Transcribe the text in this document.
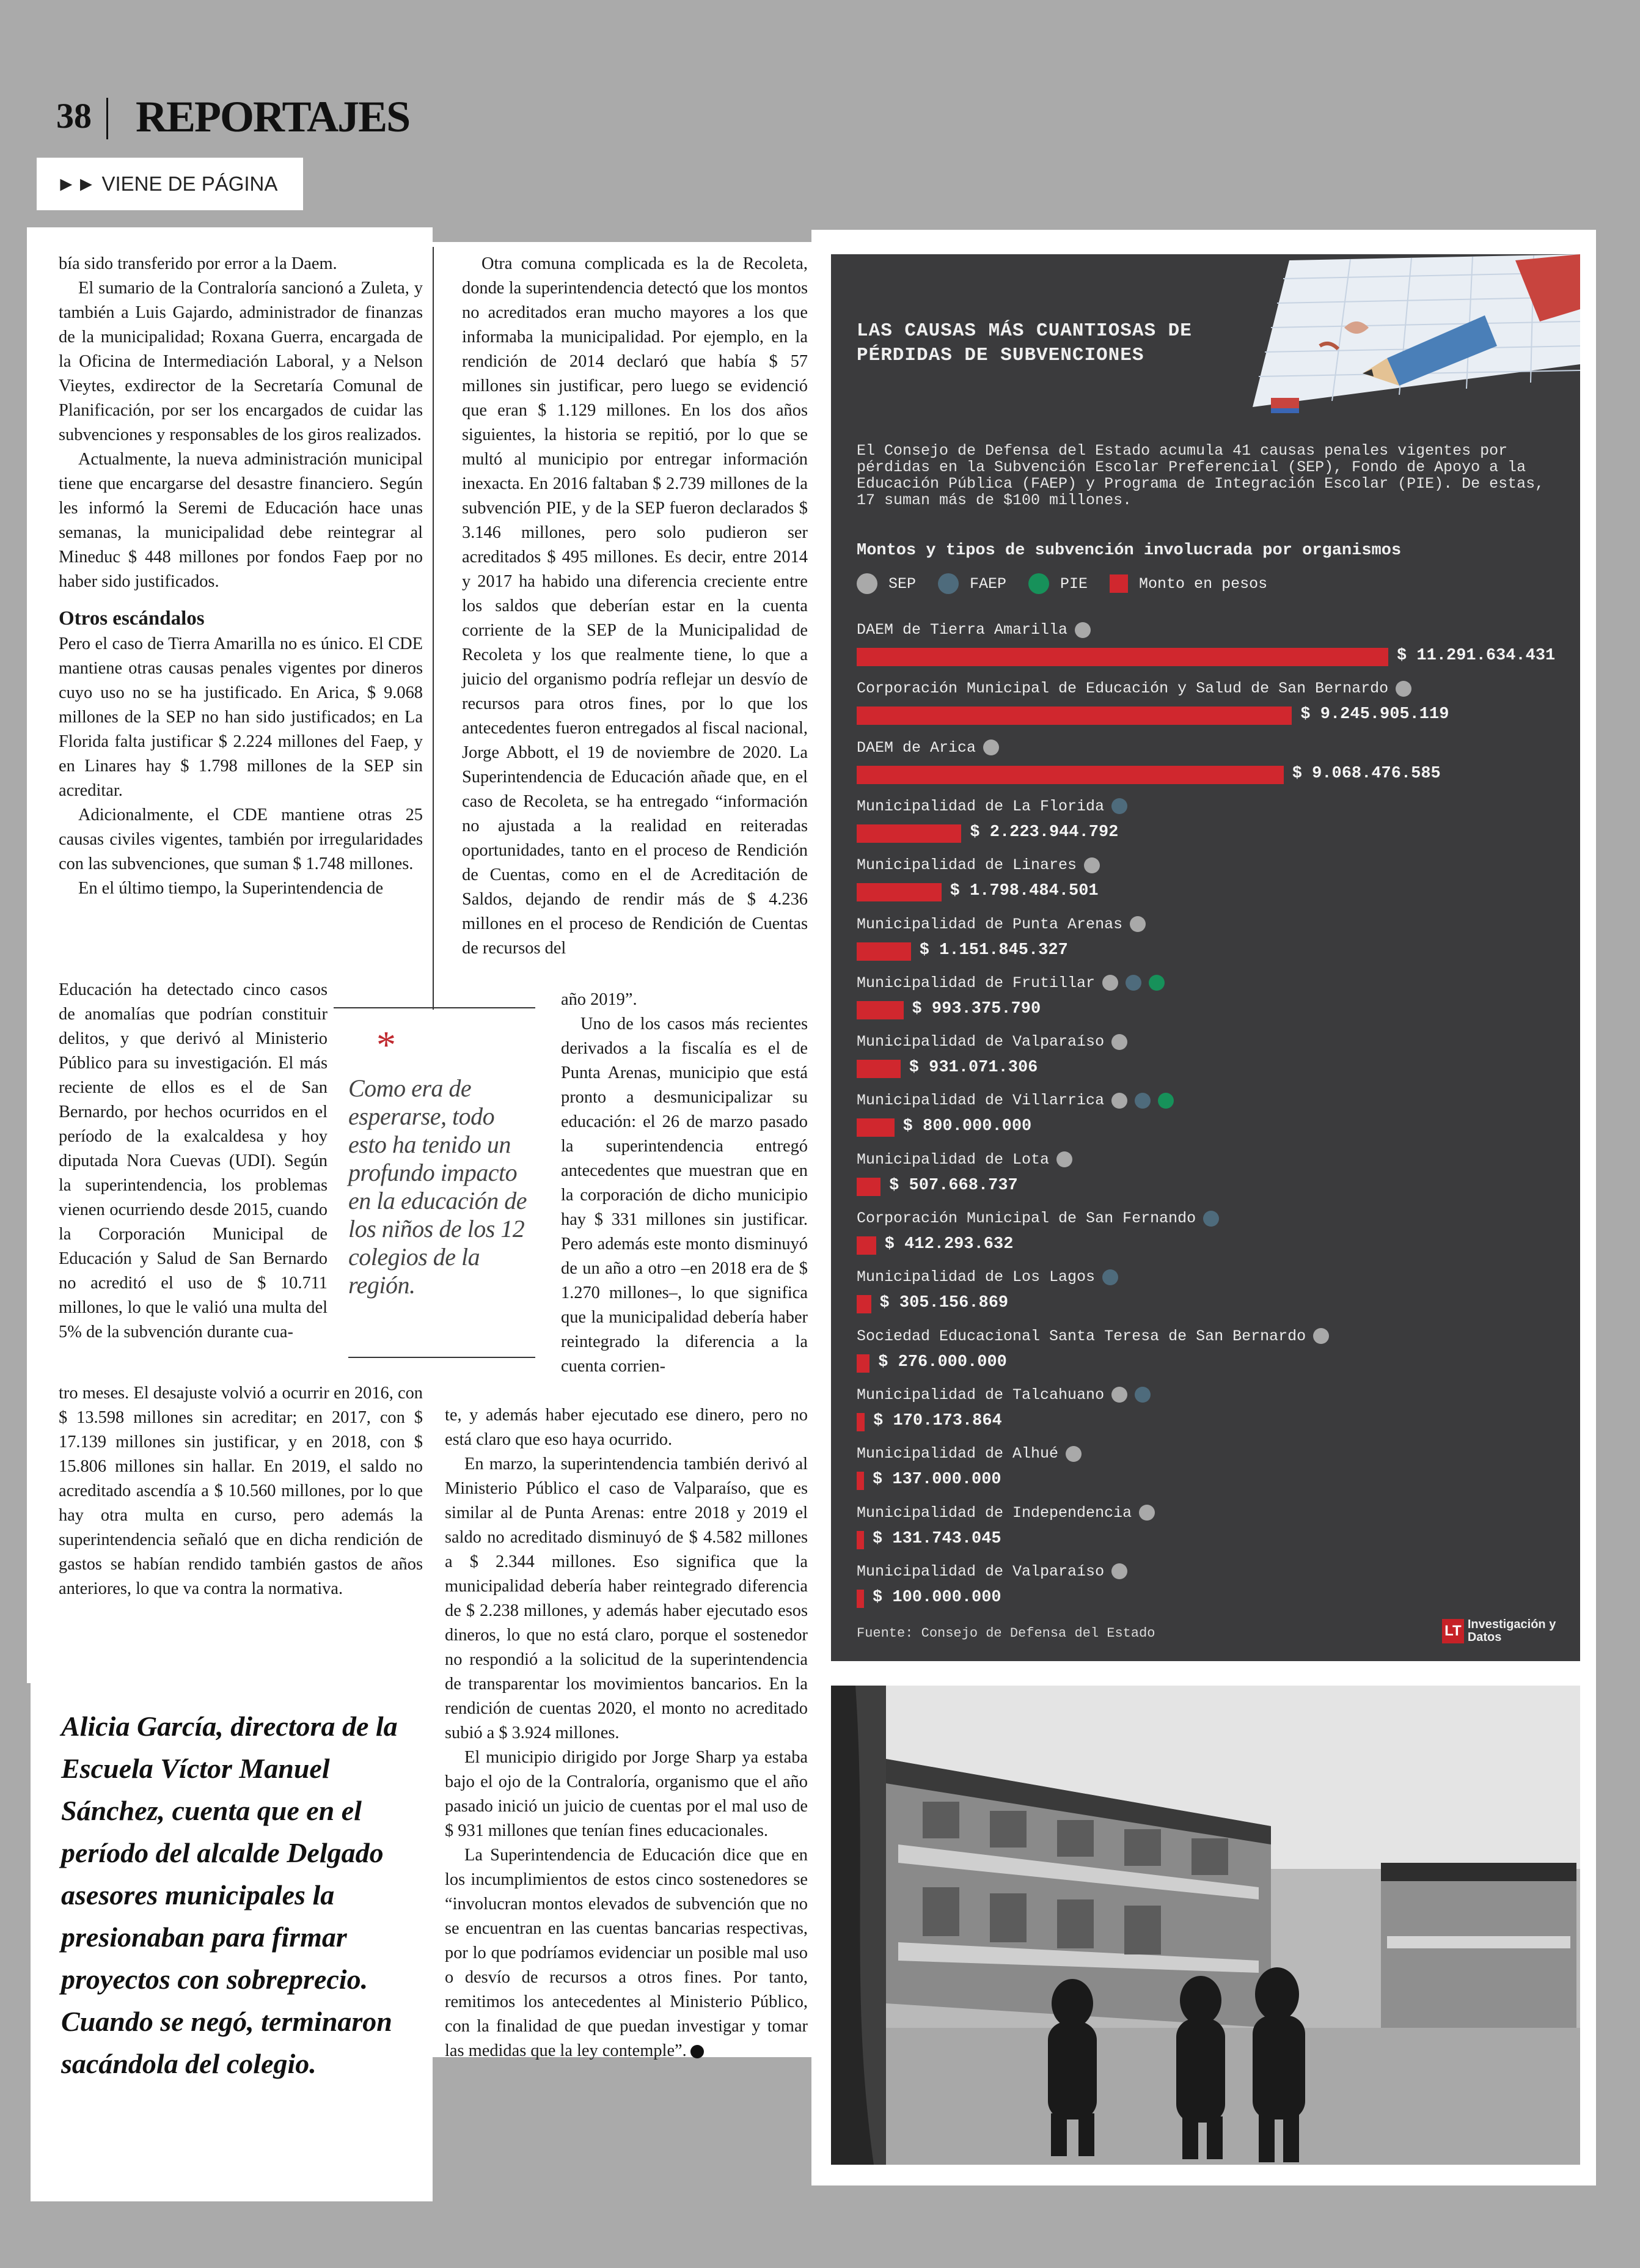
38 REPORTAJES
►► VIENE DE PÁGINA

bía sido transferido por error a la Daem.

El sumario de la Contraloría sancionó a Zuleta, y también a Luis Gajardo, administrador de finanzas de la municipalidad; Roxana Guerra, encargada de la Oficina de Intermediación Laboral, y a Nelson Vieytes, exdirector de la Secretaría Comunal de Planificación, por ser los encargados de cuidar las subvenciones y responsables de los giros realizados.

Actualmente, la nueva administración municipal tiene que encargarse del desastre financiero. Según les informó la Seremi de Educación hace unas semanas, la municipalidad debe reintegrar al Mineduc $ 448 millones por fondos Faep por no haber sido justificados.

Otros escándalos

Pero el caso de Tierra Amarilla no es único. El CDE mantiene otras causas penales vigentes por dineros cuyo uso no se ha justificado. En Arica, $ 9.068 millones de la SEP no han sido justificados; en La Florida falta justificar $ 2.224 millones del Faep, y en Linares hay $ 1.798 millones de la SEP sin acreditar.

Adicionalmente, el CDE mantiene otras 25 causas civiles vigentes, también por irregularidades con las subvenciones, que suman $ 1.748 millones.

En el último tiempo, la Superintendencia de

Educación ha detectado cinco casos de anomalías que podrían constituir delitos, y que derivó al Ministerio Público para su investigación. El más reciente de ellos es el de San Bernardo, por hechos ocurridos en el período de la exalcaldesa y hoy diputada Nora Cuevas (UDI). Según la superintendencia, los problemas vienen ocurriendo desde 2015, cuando la Corporación Municipal de Educación y Salud de San Bernardo no acreditó el uso de $ 10.711 millones, lo que le valió una multa del 5% de la subvención durante cua-

tro meses. El desajuste volvió a ocurrir en 2016, con $ 13.598 millones sin acreditar; en 2017, con $ 17.139 millones sin justificar, y en 2018, con $ 15.806 millones sin hallar. En 2019, el saldo no acreditado ascendía a $ 10.560 millones, por lo que hay otra multa en curso, pero además la superintendencia señaló que en dicha rendición de gastos se habían rendido también gastos de años anteriores, lo que va contra la normativa.

*
Como era de esperarse, todo esto ha tenido un profundo impacto en la educación de los niños de los 12 colegios de la región.

Otra comuna complicada es la de Recoleta, donde la superintendencia detectó que los montos no acreditados eran mucho mayores a los que informaba la municipalidad. Por ejemplo, en la rendición de 2014 declaró que había $ 57 millones sin justificar, pero luego se evidenció que eran $ 1.129 millones. En los dos años siguientes, la historia se repitió, por lo que se multó al municipio por entregar información inexacta. En 2016 faltaban $ 2.739 millones de la subvención PIE, y de la SEP fueron declarados $ 3.146 millones, pero solo pudieron ser acreditados $ 495 millones. Es decir, entre 2014 y 2017 ha habido una diferencia creciente entre los saldos que deberían estar en la cuenta corriente de la SEP de la Municipalidad de Recoleta y los que realmente tiene, lo que a juicio del organismo podría reflejar un desvío de recursos para otros fines, por lo que los antecedentes fueron entregados al fiscal nacional, Jorge Abbott, el 19 de noviembre de 2020. La Superintendencia de Educación añade que, en el caso de Recoleta, se ha entregado “información no ajustada a la realidad en reiteradas oportunidades, tanto en el proceso de Rendición de Cuentas, como en el de Acreditación de Saldos, dejando de rendir más de $ 4.236 millones en el proceso de Rendición de Cuentas de recursos del

año 2019”.

Uno de los casos más recientes derivados a la fiscalía es el de Punta Arenas, municipio que está pronto a desmunicipalizar su educación: el 26 de marzo pasado la superintendencia entregó antecedentes que muestran que en la corporación de dicho municipio hay $ 331 millones sin justificar. Pero además este monto disminuyó de un año a otro –en 2018 era de $ 1.270 millones–, lo que significa que la municipalidad debería haber reintegrado la diferencia a la cuenta corrien-

te, y además haber ejecutado ese dinero, pero no está claro que eso haya ocurrido.

En marzo, la superintendencia también derivó al Ministerio Público el caso de Valparaíso, que es similar al de Punta Arenas: entre 2018 y 2019 el saldo no acreditado disminuyó de $ 4.582 millones a $ 2.344 millones. Eso significa que la municipalidad debería haber reintegrado diferencia de $ 2.238 millones, y además haber ejecutado esos dineros, lo que no está claro, porque el sostenedor no respondió a la solicitud de la superintendencia de transparentar los movimientos bancarios. En la rendición de cuentas 2020, el monto no acreditado subió a $ 3.924 millones.

El municipio dirigido por Jorge Sharp ya estaba bajo el ojo de la Contraloría, organismo que el año pasado inició un juicio de cuentas por el mal uso de $ 931 millones que tenían fines educacionales.

La Superintendencia de Educación dice que en los incumplimientos de estos cinco sostenedores se “involucran montos elevados de subvención que no se encuentran en las cuentas bancarias respectivas, por lo que podríamos evidenciar un posible mal uso o desvío de recursos a otros fines. Por tanto, remitimos los antecedentes al Ministerio Público, con la finalidad de que puedan investigar y tomar las medidas que la ley contemple”.

Alicia García, directora de la Escuela Víctor Manuel Sánchez, cuenta que en el período del alcalde Delgado asesores municipales la presionaban para firmar proyectos con sobreprecio. Cuando se negó, terminaron sacándola del colegio.
LAS CAUSAS MÁS CUANTIOSAS DE PÉRDIDAS DE SUBVENCIONES
El Consejo de Defensa del Estado acumula 41 causas penales vigentes por pérdidas en la Subvención Escolar Preferencial (SEP), Fondo de Apoyo a la Educación Pública (FAEP) y Programa de Integración Escolar (PIE). De estas, 17 suman más de $100 millones.
Montos y tipos de subvención involucrada por organismos
SEP	FAEP	PIE	Monto en pesos
DAEM de Tierra Amarilla
$ 11.291.634.431
Corporación Municipal de Educación y Salud de San Bernardo
$ 9.245.905.119
DAEM de Arica
$ 9.068.476.585
Municipalidad de La Florida
$ 2.223.944.792
Municipalidad de Linares
$ 1.798.484.501
Municipalidad de Punta Arenas
$ 1.151.845.327
Municipalidad de Frutillar
$ 993.375.790
Municipalidad de Valparaíso
$ 931.071.306
Municipalidad de Villarrica
$ 800.000.000
Municipalidad de Lota
$ 507.668.737
Corporación Municipal de San Fernando
$ 412.293.632
Municipalidad de Los Lagos
$ 305.156.869
Sociedad Educacional Santa Teresa de San Bernardo
$ 276.000.000
Municipalidad de Talcahuano
$ 170.173.864
Municipalidad de Alhué
$ 137.000.000
Municipalidad de Independencia
$ 131.743.045
Municipalidad de Valparaíso
$ 100.000.000
Fuente: Consejo de Defensa del Estado	LT Investigación y Datos
